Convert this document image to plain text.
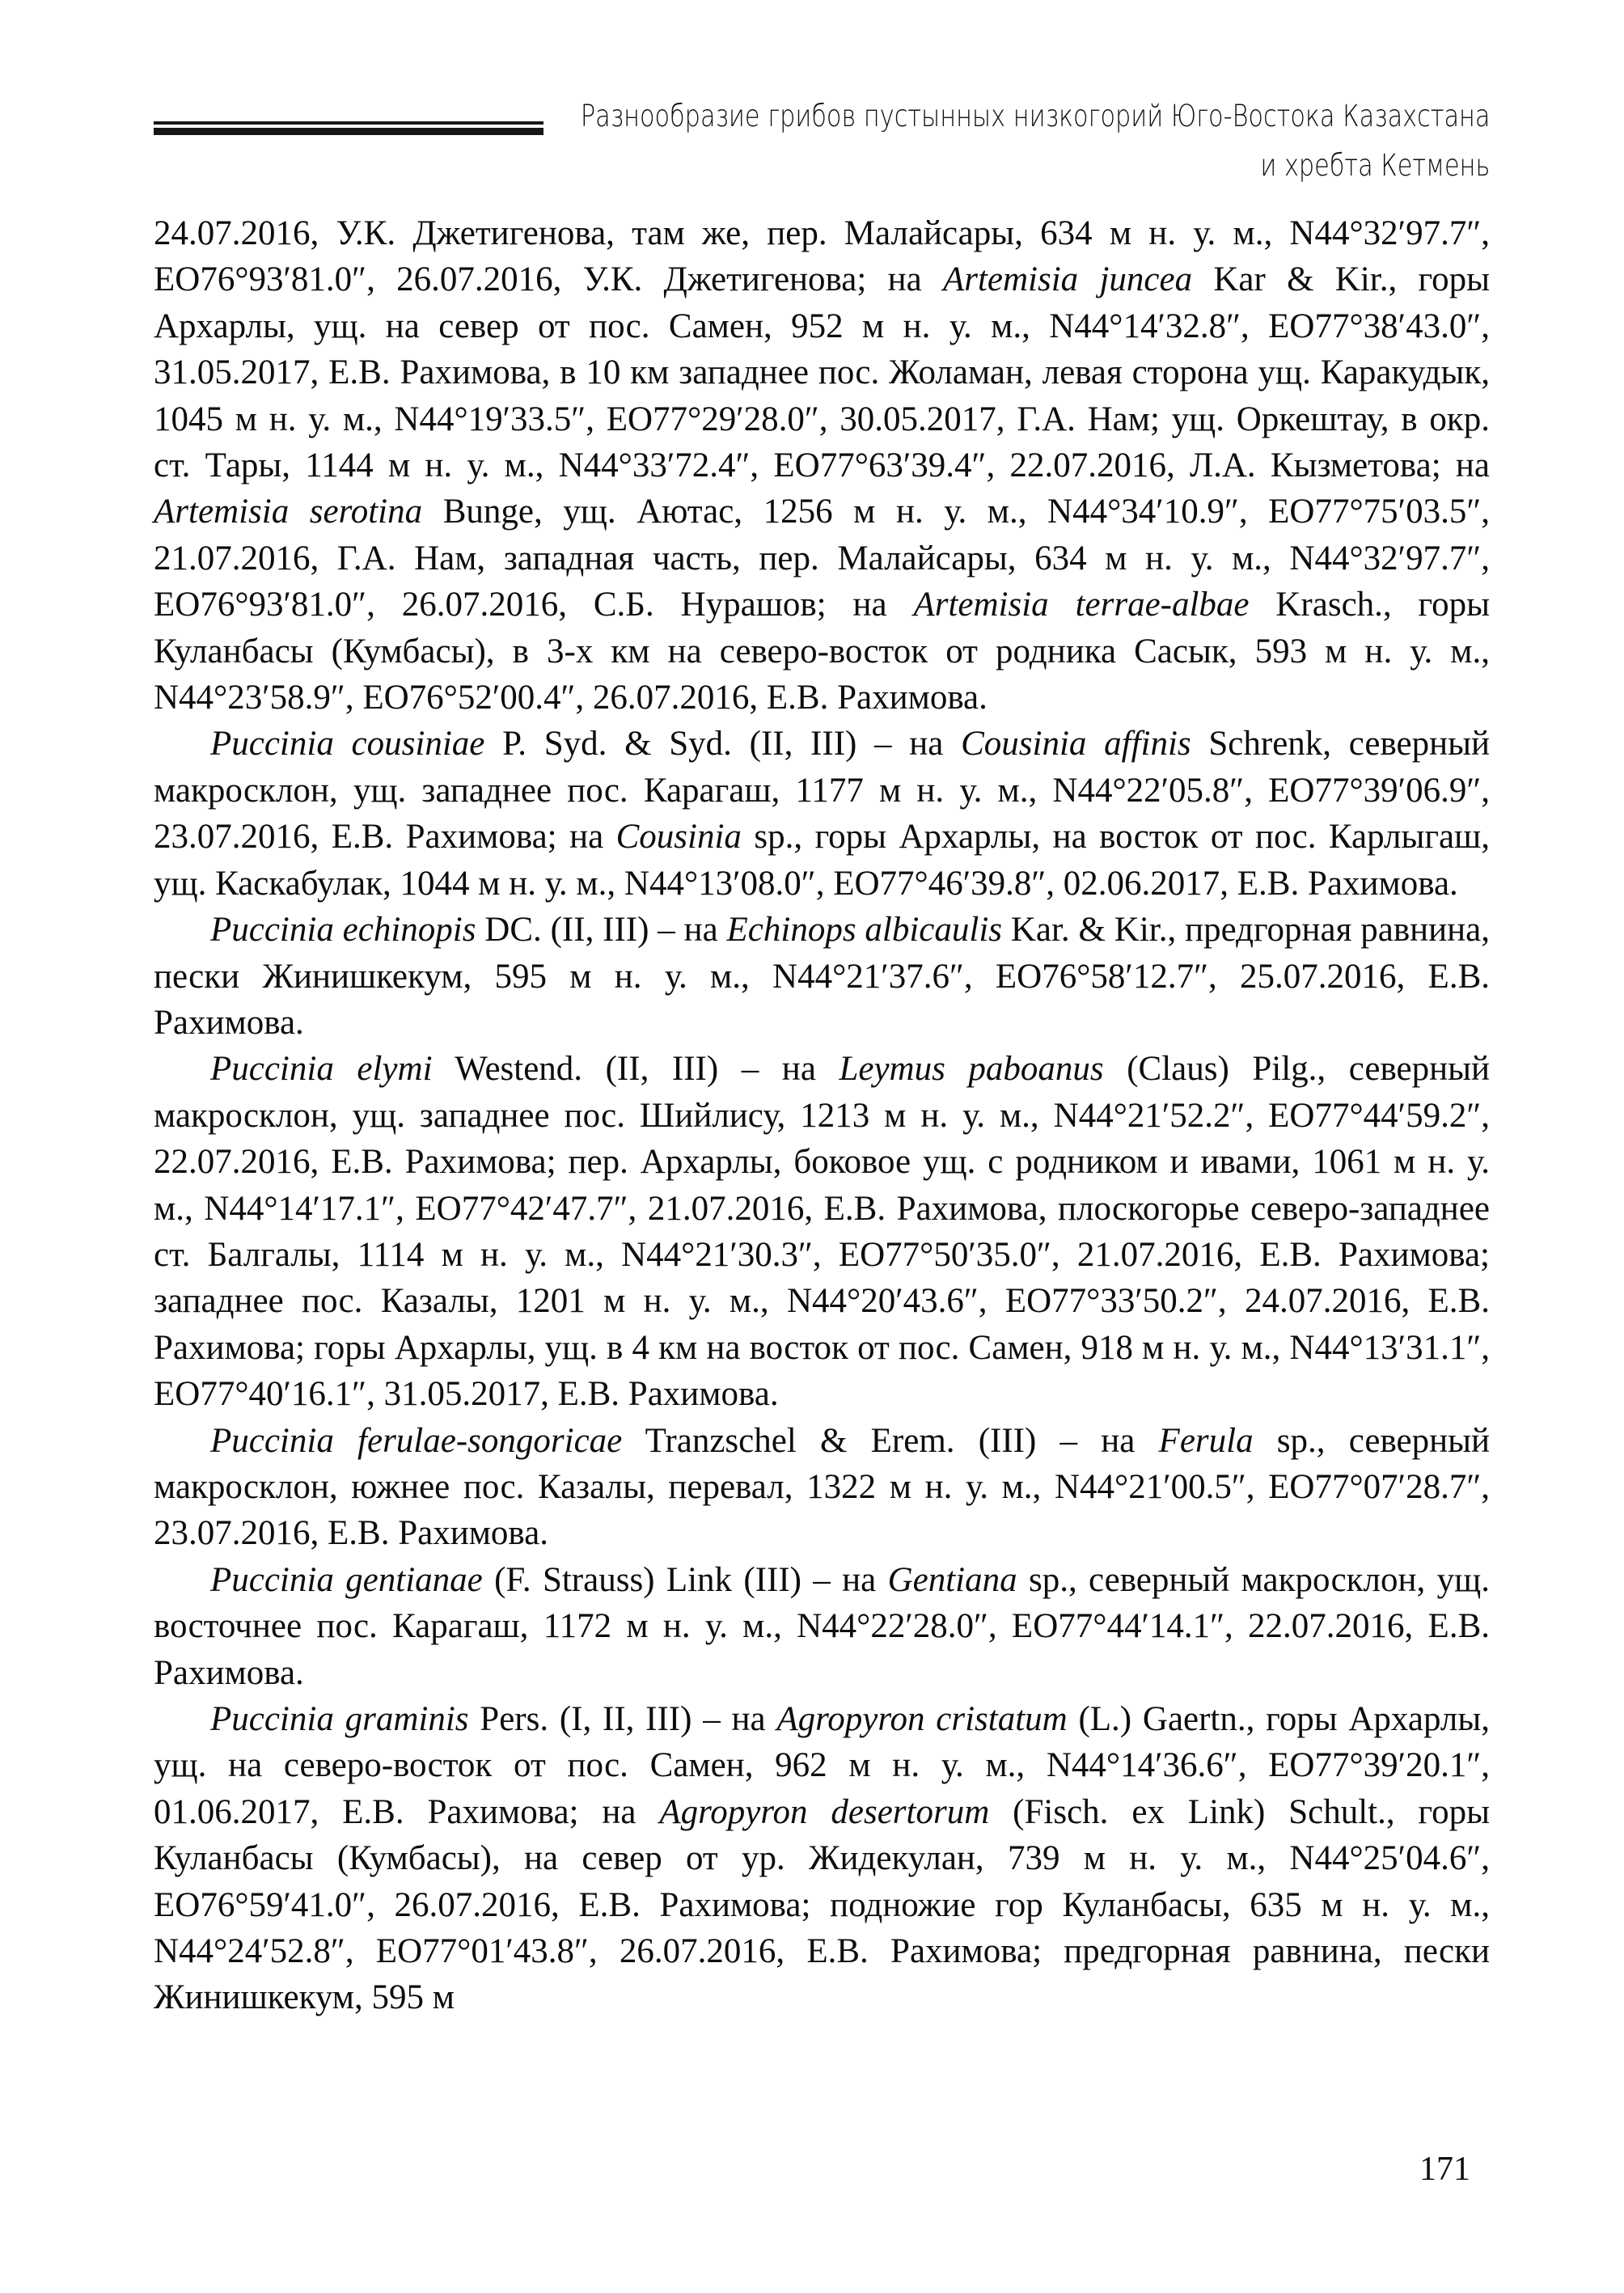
Разнообразие грибов пустынных низкогорий Юго-Востока Казахстана
и хребта Кетмень

24.07.2016, У.К. Джетигенова, там же, пер. Малайсары, 634 м н. у. м., N44°32′97.7″, ЕО76°93′81.0″, 26.07.2016, У.К. Джетигенова; на Artemisia juncea Kar & Kir., горы Архарлы, ущ. на север от пос. Самен, 952 м н. у. м., N44°14′32.8″, ЕО77°38′43.0″, 31.05.2017, Е.В. Рахимова, в 10 км западнее пос. Жоламан, левая сторона ущ. Каракудык, 1045 м н. у. м., N44°19′33.5″, ЕО77°29′28.0″, 30.05.2017, Г.А. Нам; ущ. Оркештау, в окр. ст. Тары, 1144 м н. у. м., N44°33′72.4″, ЕО77°63′39.4″, 22.07.2016, Л.А. Кызметова; на Artemisia serotina Bunge, ущ. Аютас, 1256 м н. у. м., N44°34′10.9″, ЕО77°75′03.5″, 21.07.2016, Г.А. Нам, западная часть, пер. Малайсары, 634 м н. у. м., N44°32′97.7″, ЕО76°93′81.0″, 26.07.2016, С.Б. Нурашов; на Artemisia terrae-albae Krasch., горы Куланбасы (Кумбасы), в 3-х км на северо-восток от родника Сасык, 593 м н. у. м., N44°23′58.9″, ЕО76°52′00.4″, 26.07.2016, Е.В. Рахимова.

Puccinia cousiniae P. Syd. & Syd. (II, III) – на Cousinia affinis Schrenk, северный макросклон, ущ. западнее пос. Карагаш, 1177 м н. у. м., N44°22′05.8″, ЕО77°39′06.9″, 23.07.2016, Е.В. Рахимова; на Cousinia sp., горы Архарлы, на восток от пос. Карлыгаш, ущ. Каскабулак, 1044 м н. у. м., N44°13′08.0″, ЕО77°46′39.8″, 02.06.2017, Е.В. Рахимова.

Puccinia echinopis DC. (II, III) – на Echinops albicaulis Kar. & Kir., предгорная равнина, пески Жинишкекум, 595 м н. у. м., N44°21′37.6″, ЕО76°58′12.7″, 25.07.2016, Е.В. Рахимова.

Puccinia elymi Westend. (II, III) – на Leymus paboanus (Claus) Pilg., северный макросклон, ущ. западнее пос. Шийлису, 1213 м н. у. м., N44°21′52.2″, ЕО77°44′59.2″, 22.07.2016, Е.В. Рахимова; пер. Архарлы, боковое ущ. с родником и ивами, 1061 м н. у. м., N44°14′17.1″, ЕО77°42′47.7″, 21.07.2016, Е.В. Рахимова, плоскогорье северо-западнее ст. Балгалы, 1114 м н. у. м., N44°21′30.3″, ЕО77°50′35.0″, 21.07.2016, Е.В. Рахимова; западнее пос. Казалы, 1201 м н. у. м., N44°20′43.6″, ЕО77°33′50.2″, 24.07.2016, Е.В. Рахимова; горы Архарлы, ущ. в 4 км на восток от пос. Самен, 918 м н. у. м., N44°13′31.1″, ЕО77°40′16.1″, 31.05.2017, Е.В. Рахимова.

Puccinia ferulae-songoricae Tranzschel & Erem. (III) – на Ferula sp., северный макросклон, южнее пос. Казалы, перевал, 1322 м н. у. м., N44°21′00.5″, ЕО77°07′28.7″, 23.07.2016, Е.В. Рахимова.

Puccinia gentianae (F. Strauss) Link (III) – на Gentiana sp., северный макросклон, ущ. восточнее пос. Карагаш, 1172 м н. у. м., N44°22′28.0″, ЕО77°44′14.1″, 22.07.2016, Е.В. Рахимова.

Puccinia graminis Pers. (I, II, III) – на Agropyron cristatum (L.) Gaertn., горы Архарлы, ущ. на северо-восток от пос. Самен, 962 м н. у. м., N44°14′36.6″, ЕО77°39′20.1″, 01.06.2017, Е.В. Рахимова; на Agropyron desertorum (Fisch. ex Link) Schult., горы Куланбасы (Кумбасы), на север от ур. Жидекулан, 739 м н. у. м., N44°25′04.6″, ЕО76°59′41.0″, 26.07.2016, Е.В. Рахимова; подножие гор Куланбасы, 635 м н. у. м., N44°24′52.8″, ЕО77°01′43.8″, 26.07.2016, Е.В. Рахимова; предгорная равнина, пески Жинишкекум, 595 м

171
